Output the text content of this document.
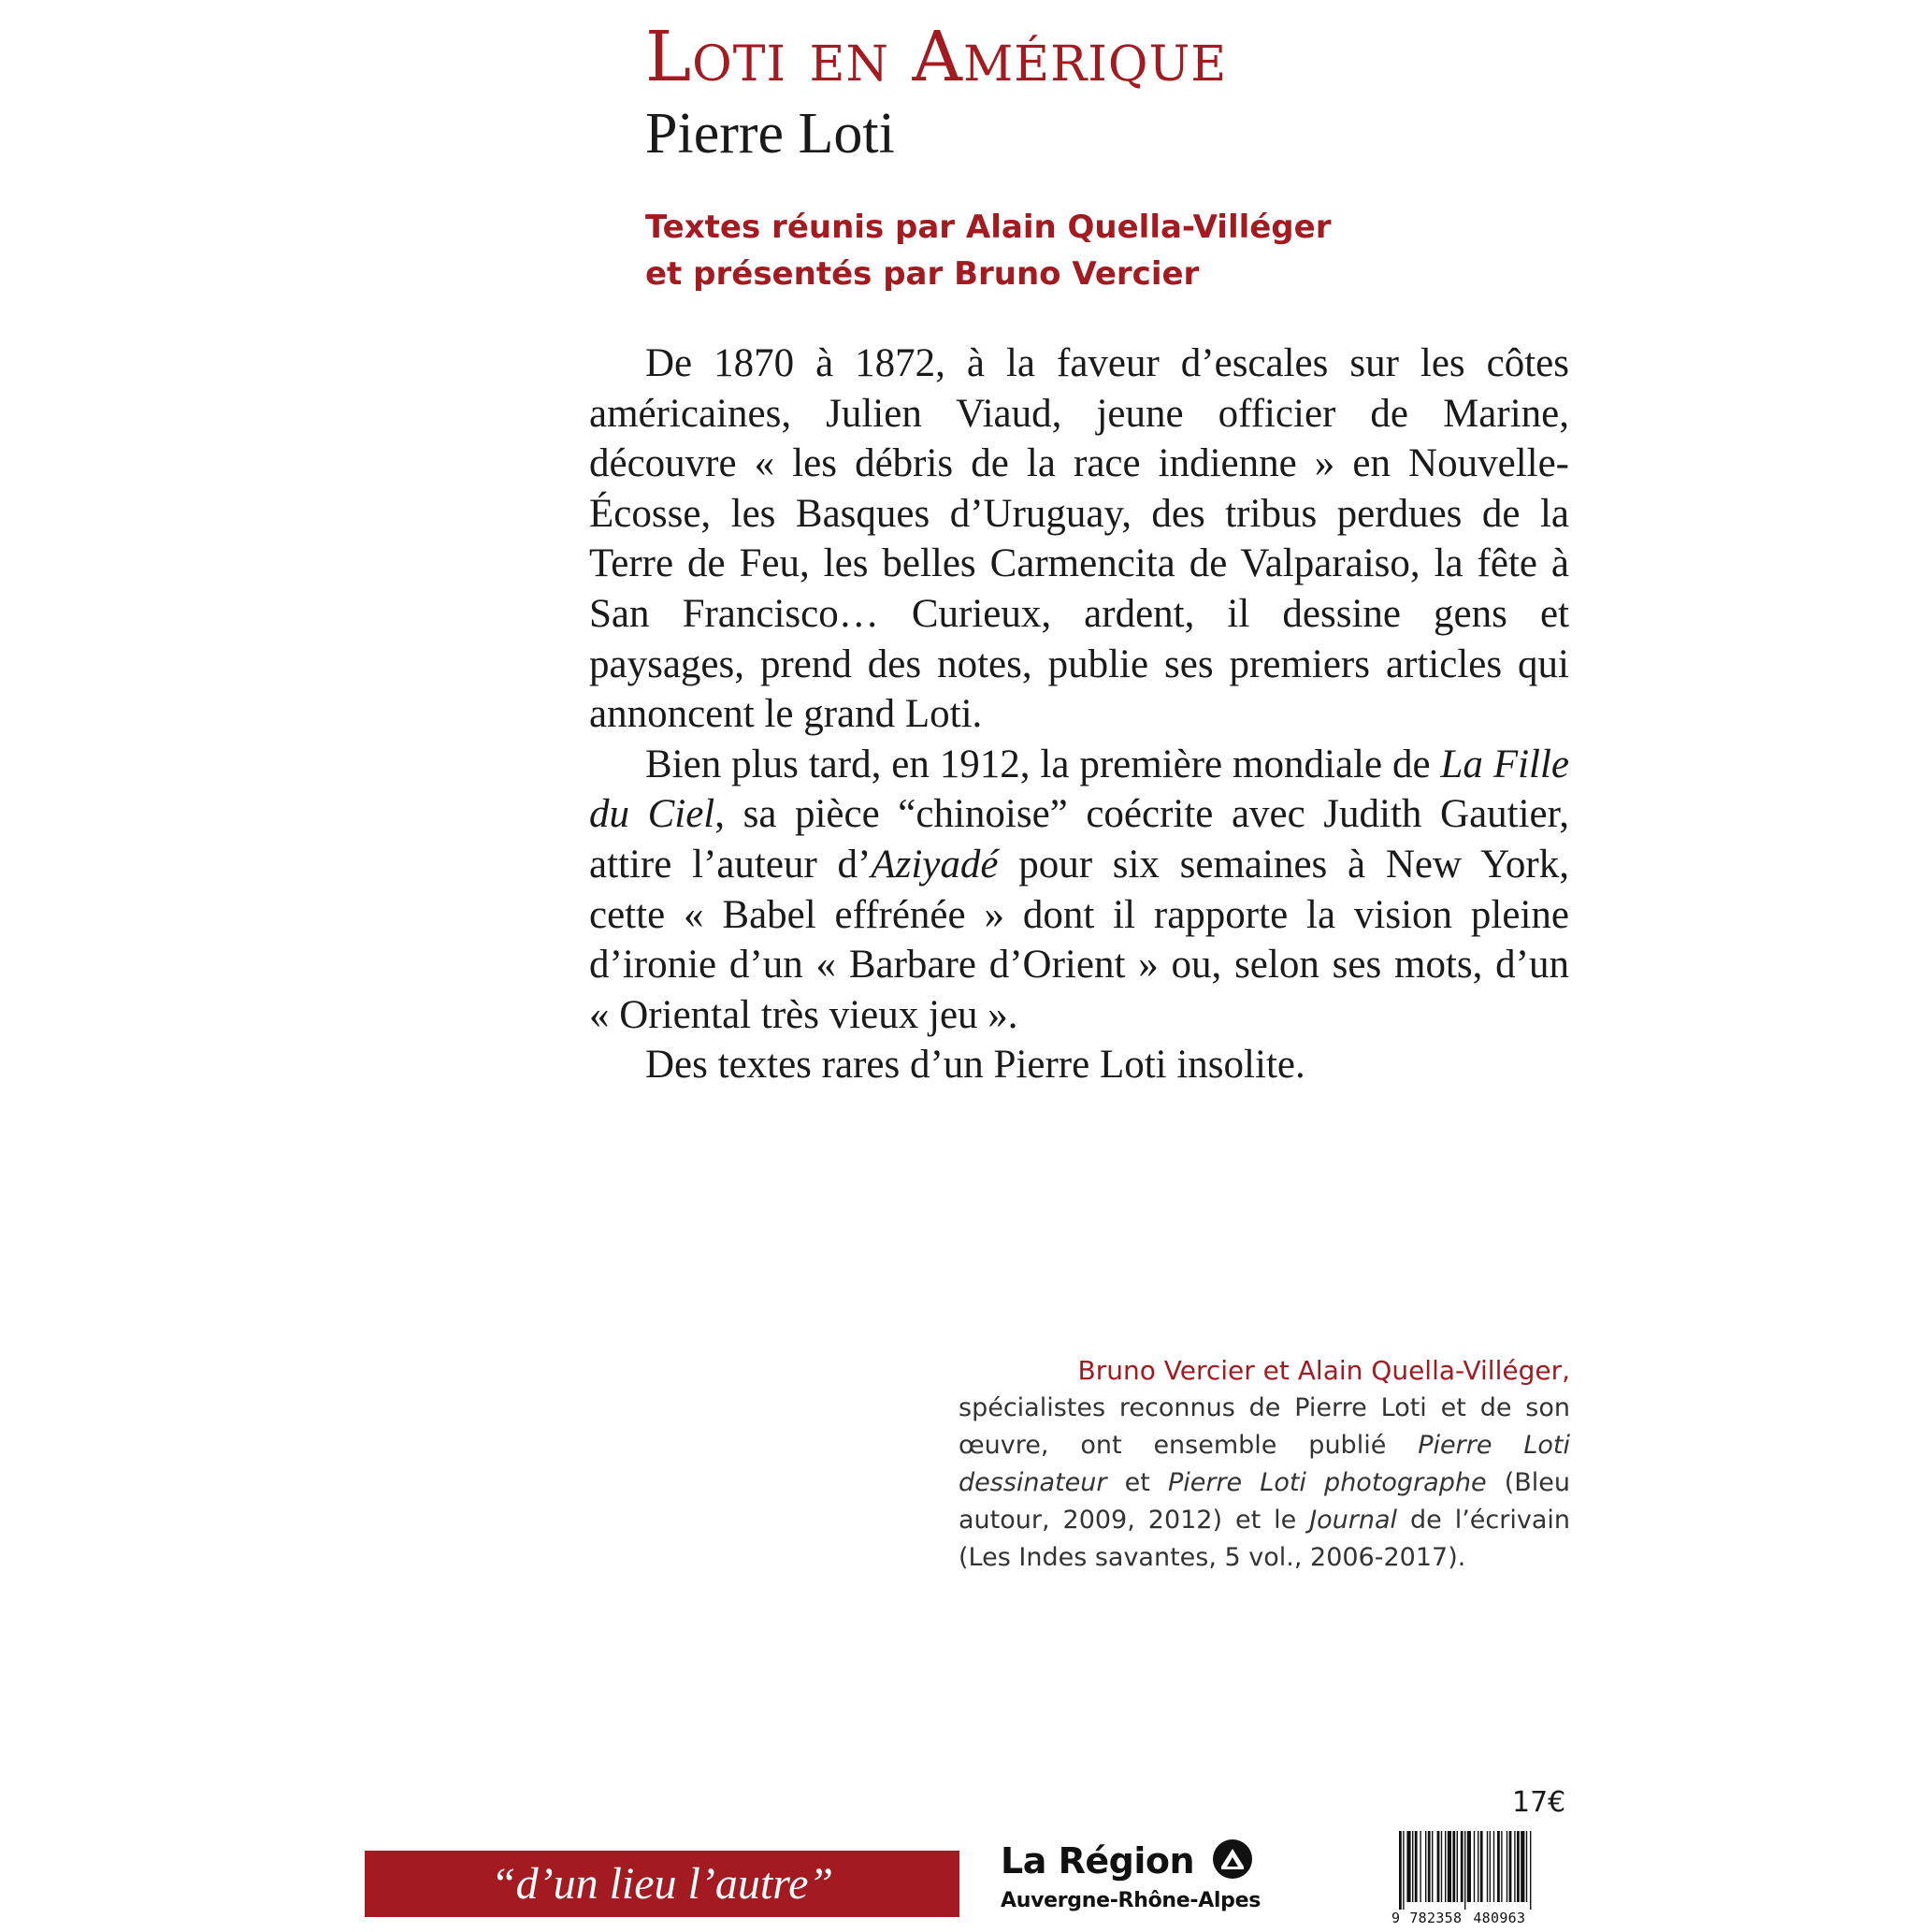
Loti en Amérique
Pierre Loti
Textes réunis par Alain Quella-Villéger
et présentés par Bruno Vercier

De 1870 à 1872, à la faveur d’escales sur les côtes américaines, Julien Viaud, jeune officier de Marine, découvre « les débris de la race indienne » en Nouvelle-Écosse, les Basques d’Uruguay, des tribus perdues de la Terre de Feu, les belles Carmencita de Valparaiso, la fête à San Francisco… Curieux, ardent, il dessine gens et paysages, prend des notes, publie ses premiers articles qui annoncent le grand Loti.

Bien plus tard, en 1912, la première mondiale de La Fille du Ciel, sa pièce “chinoise” coécrite avec Judith Gautier, attire l’auteur d’Aziyadé pour six semaines à New York, cette « Babel effrénée » dont il rapporte la vision pleine d’ironie d’un « Barbare d’Orient » ou, selon ses mots, d’un « Oriental très vieux jeu ».

Des textes rares d’un Pierre Loti insolite.

Bruno Vercier et Alain Quella-Villéger,
spécialistes reconnus de Pierre Loti et de son œuvre, ont ensemble publié Pierre Loti dessinateur et Pierre Loti photographe (Bleu autour, 2009, 2012) et le Journal de l’écrivain (Les Indes savantes, 5 vol., 2006-2017).
17€
“d’un lieu l’autre”	La Région
Auvergne-Rhône-Alpes
9 782358 480963
